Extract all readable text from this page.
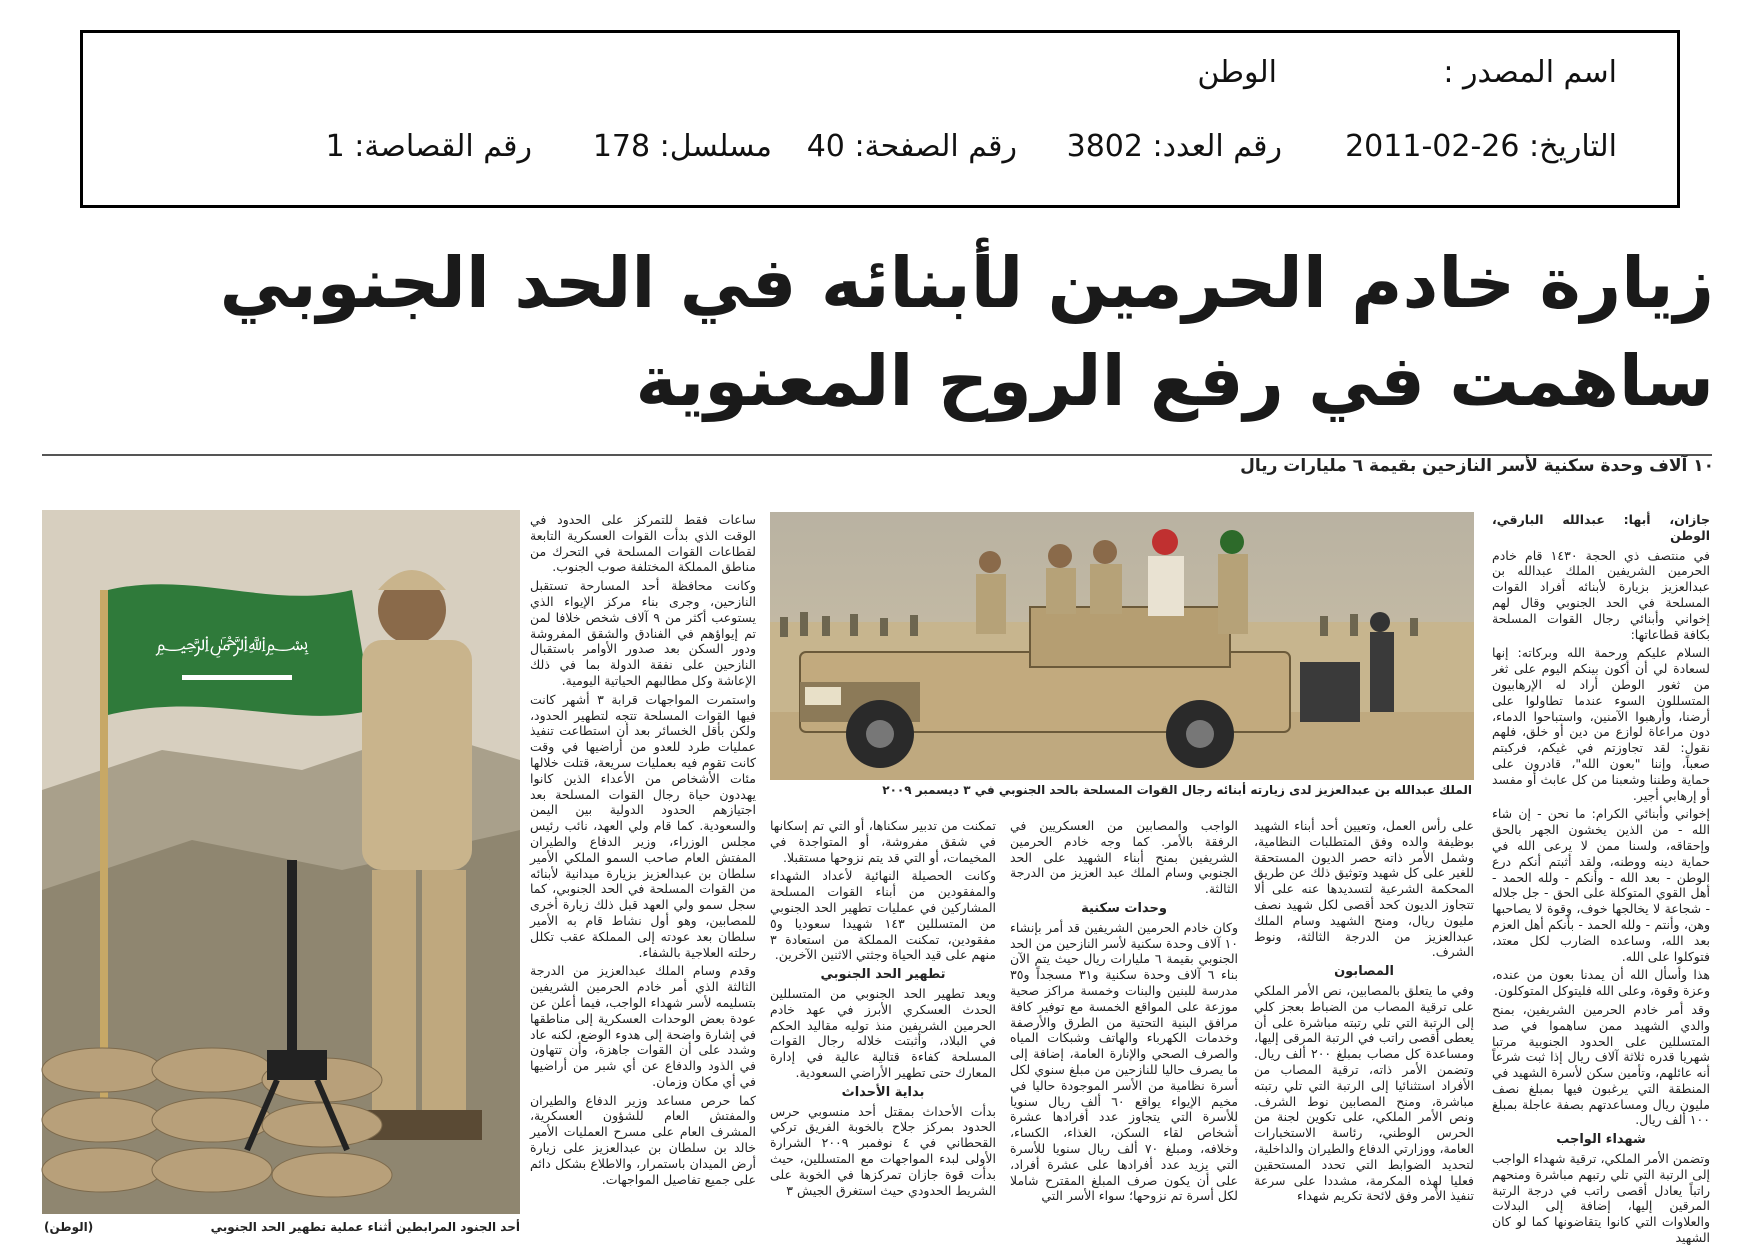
اسم المصدر :
الوطن
التاريخ: 26-02-2011
رقم العدد: 3802
رقم الصفحة: 40
مسلسل: 178
رقم القصاصة: 1
زيارة خادم الحرمين لأبنائه في الحد الجنوبي
ساهمت في رفع الروح المعنوية
١٠ آلاف وحدة سكنية لأسر النازحين بقيمة ٦ مليارات ريال
الملك عبدالله بن عبدالعزيز لدى زيارته أبنائه رجال القوات المسلحة بالحد الجنوبي في ٣ ديسمبر ٢٠٠٩
﷽
أحد الجنود المرابطين أثناء عملية تطهير الحد الجنوبي
(الوطن)
جازان، أبها: عبدالله البارقي، الوطن

في منتصف ذي الحجة ١٤٣٠ قام خادم الحرمين الشريفين الملك عبدالله بن عبدالعزيز بزيارة لأبنائه أفراد القوات المسلحة في الحد الجنوبي وقال لهم إخواني وأبنائي رجال القوات المسلحة بكافة قطاعاتها:

السلام عليكم ورحمة الله وبركاته: إنها لسعادة لي أن أكون بينكم اليوم على ثغر من ثغور الوطن أراد له الإرهابيون المتسللون السوء عندما تطاولوا على أرضنا، وأرهبوا الآمنين، واستباحوا الدماء، دون مراعاة لوازع من دين أو خلق، فلهم نقول: لقد تجاوزتم في غيكم، فركبتم صعباً، وإننا "بعون الله"، قادرون على حماية وطننا وشعبنا من كل عابث أو مفسد أو إرهابي أجير.

إخواني وأبنائي الكرام: ما نحن - إن شاء الله - من الذين يخشون الجهر بالحق وإحقاقه، ولسنا ممن لا يرعى الله في حماية دينه ووطنه، ولقد أثبتم أنكم درع الوطن - بعد الله - وأنكم - ولله الحمد - أهل القوي المتوكلة على الحق - جل جلاله - شجاعة لا يخالجها خوف، وقوة لا يصاحبها وهن، وأنتم - ولله الحمد - بأنكم أهل العزم بعد الله، وساعده الضارب لكل معتد، فتوكلوا على الله.

هذا وأسأل الله أن يمدنا بعون من عنده، وعزة وقوة، وعلى الله فليتوكل المتوكلون.

وقد أمر خادم الحرمين الشريفين، بمنح والدي الشهيد ممن ساهموا في صد المتسللين على الحدود الجنوبية مرتبا شهريا قدره ثلاثة آلاف ريال إذا ثبت شرعاً أنه عائلهم، وتأمين سكن لأسرة الشهيد في المنطقة التي يرغبون فيها بمبلغ نصف مليون ريال ومساعدتهم بصفة عاجلة بمبلغ ١٠٠ ألف ريال.

شهداء الواجب

وتضمن الأمر الملكي، ترقية شهداء الواجب إلى الرتبة التي تلي رتبهم مباشرة ومنحهم راتباً يعادل أقصى راتب في درجة الرتبة المرقين إليها، إضافة إلى البدلات والعلاوات التي كانوا يتقاضونها كما لو كان الشهيد

على رأس العمل، وتعيين أحد أبناء الشهيد بوظيفة والده وفق المتطلبات النظامية، وشمل الأمر ذاته حصر الديون المستحقة للغير على كل شهيد وتوثيق ذلك عن طريق المحكمة الشرعية لتسديدها عنه على ألا تتجاوز الديون كحد أقصى لكل شهيد نصف مليون ريال، ومنح الشهيد وسام الملك عبدالعزيز من الدرجة الثالثة، ونوط الشرف.

المصابون

وفي ما يتعلق بالمصابين، نص الأمر الملكي على ترقية المصاب من الضباط بعجز كلي إلى الرتبة التي تلي رتبته مباشرة على أن يعطى أقصى راتب في الرتبة المرقى إليها، ومساعدة كل مصاب بمبلغ ٢٠٠ ألف ريال. وتضمن الأمر ذاته، ترقية المصاب من الأفراد استثنائيا إلى الرتبة التي تلي رتبته مباشرة، ومنح المصابين نوط الشرف. ونص الأمر الملكي، على تكوين لجنة من الحرس الوطني، رئاسة الاستخبارات العامة، ووزارتي الدفاع والطيران والداخلية، لتحديد الضوابط التي تحدد المستحقين فعليا لهذه المكرمة، مشددا على سرعة تنفيذ الأمر وفق لائحة تكريم شهداء

الواجب والمصابين من العسكريين في الرفقة بالأمر. كما وجه خادم الحرمين الشريفين بمنح أبناء الشهيد على الحد الجنوبي وسام الملك عبد العزيز من الدرجة الثالثة.

وحدات سكنية

وكان خادم الحرمين الشريفين قد أمر بإنشاء ١٠ آلاف وحدة سكنية لأسر النازحين من الحد الجنوبي بقيمة ٦ مليارات ريال حيث يتم الآن بناء ٦ آلاف وحدة سكنية و٣١ مسجداً و٣٥ مدرسة للبنين والبنات وخمسة مراكز صحية موزعة على المواقع الخمسة مع توفير كافة مرافق البنية التحتية من الطرق والأرصفة وخدمات الكهرباء والهاتف وشبكات المياه والصرف الصحي والإنارة العامة، إضافة إلى ما يصرف حاليا للنازحين من مبلغ سنوي لكل أسرة نظامية من الأسر الموجودة حاليا في مخيم الإيواء يواقع ٦٠ ألف ريال سنويا للأسرة التي يتجاوز عدد أفرادها عشرة أشخاص لقاء السكن، الغذاء، الكساء، وخلافه، ومبلغ ٧٠ ألف ريال سنويا للأسرة التي يزيد عدد أفرادها على عشرة أفراد، على أن يكون صرف المبلغ المقترح شاملا لكل أسرة تم نزوحها؛ سواء الأسر التي

تمكنت من تدبير سكناها، أو التي تم إسكانها في شقق مفروشة، أو المتواجدة في المخيمات، أو التي قد يتم نزوحها مستقبلا.

وكانت الحصيلة النهائية لأعداد الشهداء والمفقودين من أبناء القوات المسلحة المشاركين في عمليات تطهير الحد الجنوبي من المتسللين ١٤٣ شهيدا سعوديا و٥ مفقودين، تمكنت المملكة من استعادة ٣ منهم على قيد الحياة وجثتي الاثنين الآخرين.

تطهير الحد الجنوبي

ويعد تطهير الحد الجنوبي من المتسللين الحدث العسكري الأبرز في عهد خادم الحرمين الشريفين منذ توليه مقاليد الحكم في البلاد، وأثبتت خلاله رجال القوات المسلحة كفاءة قتالية عالية في إدارة المعارك حتى تطهير الأراضي السعودية.

بداية الأحداث

بدأت الأحداث بمقتل أحد منسوبي حرس الحدود بمركز جلاح بالخوبة الفريق تركي القحطاني في ٤ نوفمبر ٢٠٠٩ الشرارة الأولى لبدء المواجهات مع المتسللين، حيث بدأت قوة جازان تمركزها في الخوبة على الشريط الحدودي حيث استغرق الجيش ٣

ساعات فقط للتمركز على الحدود في الوقت الذي بدأت القوات العسكرية التابعة لقطاعات القوات المسلحة في التحرك من مناطق المملكة المختلفة صوب الجنوب.

وكانت محافظة أحد المسارحة تستقبل النازحين، وجرى بناء مركز الإيواء الذي يستوعب أكثر من ٩ آلاف شخص خلافا لمن تم إيواؤهم في الفنادق والشقق المفروشة ودور السكن بعد صدور الأوامر باستقبال النازحين على نفقة الدولة بما في ذلك الإعاشة وكل مطالبهم الحياتية اليومية.

واستمرت المواجهات قرابة ٣ أشهر كانت فيها القوات المسلحة تتجه لتطهير الحدود، ولكن بأقل الخسائر بعد أن استطاعت تنفيذ عمليات طرد للعدو من أراضيها في وقت كانت تقوم فيه بعمليات سريعة، قتلت خلالها مئات الأشخاص من الأعداء الذين كانوا يهددون حياة رجال القوات المسلحة بعد اجتيازهم الحدود الدولية بين اليمن والسعودية. كما قام ولي العهد، نائب رئيس مجلس الوزراء، وزير الدفاع والطيران المفتش العام صاحب السمو الملكي الأمير سلطان بن عبدالعزيز بزيارة ميدانية لأبنائه من القوات المسلحة في الحد الجنوبي، كما سجل سمو ولي العهد قبل ذلك زيارة أخرى للمصابين، وهو أول نشاط قام به الأمير سلطان بعد عودته إلى المملكة عقب تكلل رحلته العلاجية بالشفاء.

وقدم وسام الملك عبدالعزيز من الدرجة الثالثة الذي أمر خادم الحرمين الشريفين بتسليمه لأسر شهداء الواجب، فيما أعلن عن عودة بعض الوحدات العسكرية إلى مناطقها في إشارة واضحة إلى هدوء الوضع، لكنه عاد وشدد على أن القوات جاهزة، وأن تتهاون في الذود والدفاع عن أي شبر من أراضيها في أي مكان وزمان.

كما حرص مساعد وزير الدفاع والطيران والمفتش العام للشؤون العسكرية، المشرف العام على مسرح العمليات الأمير خالد بن سلطان بن عبدالعزيز على زيارة أرض الميدان باستمرار، والاطلاع بشكل دائم على جميع تفاصيل المواجهات.
